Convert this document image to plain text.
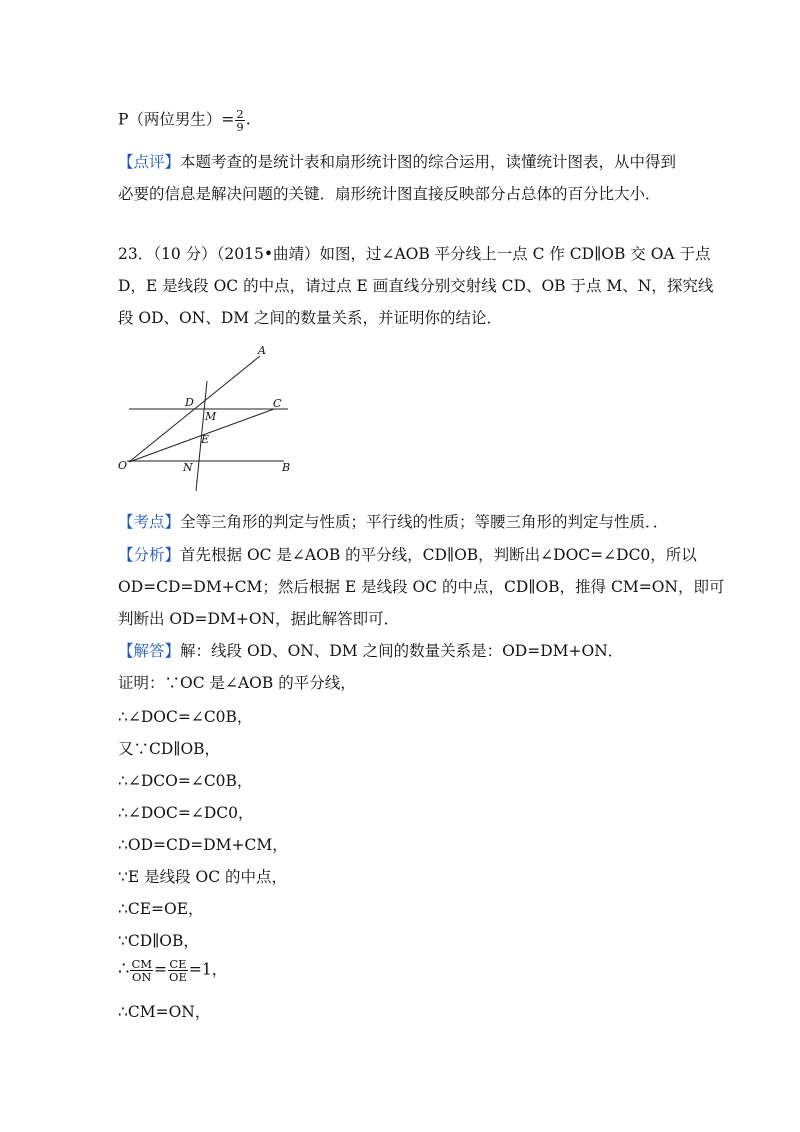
P（两位男生）= $\frac{2}{9}$ .
【点评】本题考查的是统计表和扇形统计图的综合运用，读懂统计图表，从中得到
必要的信息是解决问题的关键．扇形统计图直接反映部分占总体的百分比大小．
23．（10 分）（2015•曲靖）如图，过∠AOB 平分线上一点 C 作 CD∥OB 交 OA 于点
D，E 是线段 OC 的中点，请过点 E 画直线分别交射线 CD、OB 于点 M、N，探究线
段 OD、ON、DM 之间的数量关系，并证明你的结论．
A
D
M
C
E
O	N	B
【考点】全等三角形的判定与性质；平行线的性质；等腰三角形的判定与性质．．
【分析】首先根据 OC 是∠AOB 的平分线，CD∥OB，判断出∠DOC=∠DC0，所以
OD=CD=DM+CM；然后根据 E 是线段 OC 的中点，CD∥OB，推得 CM=ON，即可
判断出 OD=DM+ON，据此解答即可．
【解答】解：线段 OD、ON、DM 之间的数量关系是：OD=DM+ON．
证明：∵OC 是∠AOB 的平分线，
∴∠DOC=∠C0B，
又∵CD∥OB，
∴∠DCO=∠C0B，
∴∠DOC=∠DC0，
∴OD=CD=DM+CM，
∵E 是线段 OC 的中点，
∴CE=OE，
∵CD∥OB，
∴ $\frac{CM}{ON} = \frac{CE}{OE} =1$，
∴CM=ON，
